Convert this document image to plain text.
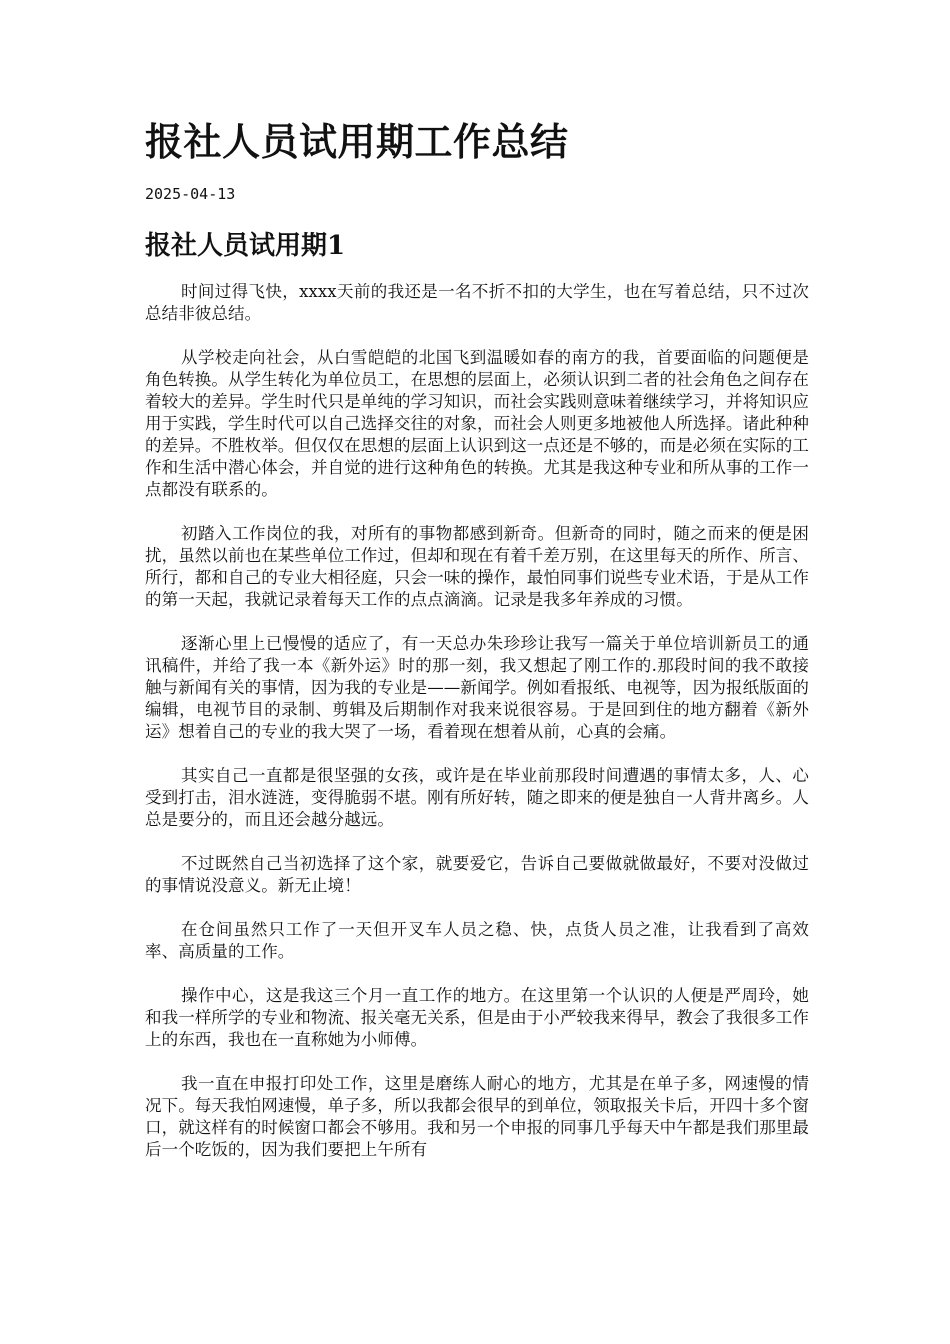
报社人员试用期工作总结
2025-04-13
报社人员试用期1

时间过得飞快，xxxx天前的我还是一名不折不扣的大学生，也在写着总结，只不过次总结非彼总结。

从学校走向社会，从白雪皑皑的北国飞到温暖如春的南方的我，首要面临的问题便是角色转换。从学生转化为单位员工，在思想的层面上，必须认识到二者的社会角色之间存在着较大的差异。学生时代只是单纯的学习知识，而社会实践则意味着继续学习，并将知识应用于实践，学生时代可以自己选择交往的对象，而社会人则更多地被他人所选择。诸此种种的差异。不胜枚举。但仅仅在思想的层面上认识到这一点还是不够的，而是必须在实际的工作和生活中潜心体会，并自觉的进行这种角色的转换。尤其是我这种专业和所从事的工作一点都没有联系的。

初踏入工作岗位的我，对所有的事物都感到新奇。但新奇的同时，随之而来的便是困扰，虽然以前也在某些单位工作过，但却和现在有着千差万别，在这里每天的所作、所言、所行，都和自己的专业大相径庭，只会一味的操作，最怕同事们说些专业术语，于是从工作的第一天起，我就记录着每天工作的点点滴滴。记录是我多年养成的习惯。

逐渐心里上已慢慢的适应了，有一天总办朱珍珍让我写一篇关于单位培训新员工的通讯稿件，并给了我一本《新外运》时的那一刻，我又想起了刚工作的.那段时间的我不敢接触与新闻有关的事情，因为我的专业是——新闻学。例如看报纸、电视等，因为报纸版面的编辑，电视节目的录制、剪辑及后期制作对我来说很容易。于是回到住的地方翻着《新外运》想着自己的专业的我大哭了一场，看着现在想着从前，心真的会痛。

其实自己一直都是很坚强的女孩，或许是在毕业前那段时间遭遇的事情太多，人、心受到打击，泪水涟涟，变得脆弱不堪。刚有所好转，随之即来的便是独自一人背井离乡。人总是要分的，而且还会越分越远。

不过既然自己当初选择了这个家，就要爱它，告诉自己要做就做最好，不要对没做过的事情说没意义。新无止境！

在仓间虽然只工作了一天但开叉车人员之稳、快，点货人员之准，让我看到了高效率、高质量的工作。

操作中心，这是我这三个月一直工作的地方。在这里第一个认识的人便是严周玲，她和我一样所学的专业和物流、报关毫无关系，但是由于小严较我来得早，教会了我很多工作上的东西，我也在一直称她为小师傅。

我一直在申报打印处工作，这里是磨练人耐心的地方，尤其是在单子多，网速慢的情况下。每天我怕网速慢，单子多，所以我都会很早的到单位，领取报关卡后，开四十多个窗口，就这样有的时候窗口都会不够用。我和另一个申报的同事几乎每天中午都是我们那里最后一个吃饭的，因为我们要把上午所有
